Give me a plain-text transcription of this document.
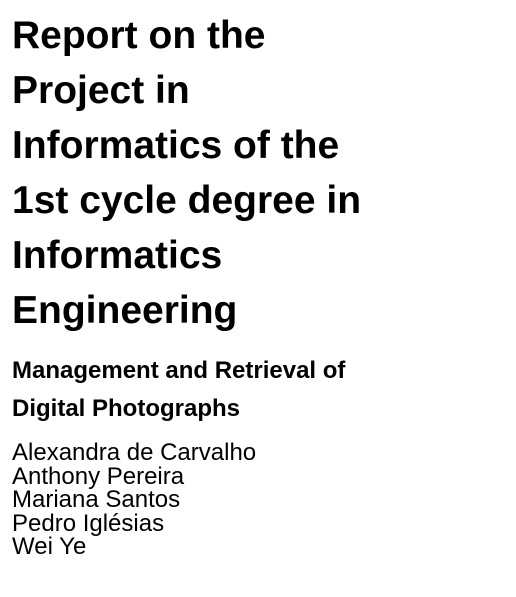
Report on the
Project in
Informatics of the
1st cycle degree in
Informatics
Engineering
Management and Retrieval of
Digital Photographs
Alexandra de Carvalho
Anthony Pereira
Mariana Santos
Pedro Iglésias
Wei Ye
